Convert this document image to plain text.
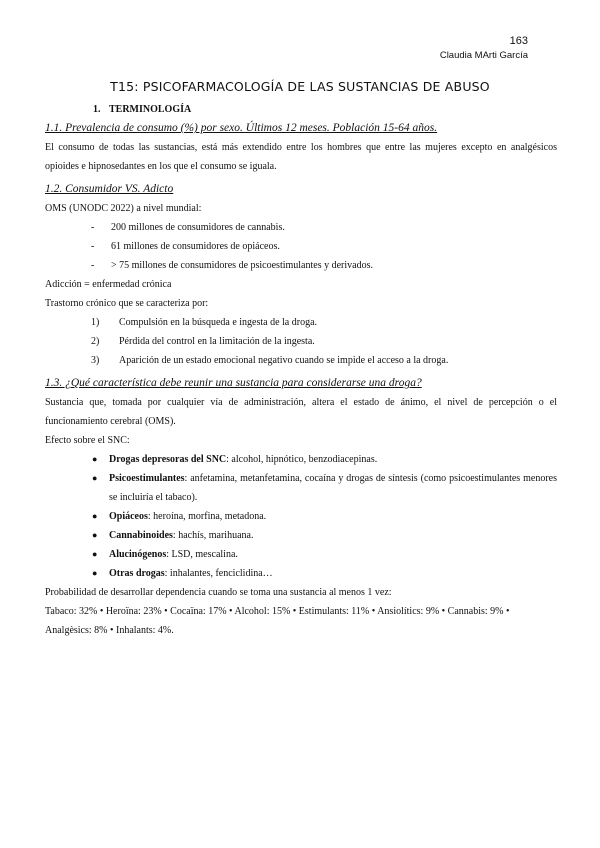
163
Claudia MArti García
T15: PSICOFARMACOLOGÍA DE LAS SUSTANCIAS DE ABUSO
1. TERMINOLOGÍA
1.1. Prevalencia de consumo (%) por sexo. Últimos 12 meses. Población 15-64 años.

El consumo de todas las sustancias, está más extendido entre los hombres que entre las mujeres excepto en analgésicos opioides e hipnosedantes en los que el consumo se iguala.

1.2. Consumidor VS. Adicto

OMS (UNODC 2022) a nivel mundial:

- 200 millones de consumidores de cannabis.
- 61 millones de consumidores de opiáceos.
- > 75 millones de consumidores de psicoestimulantes y derivados.

Adicción = enfermedad crónica

Trastorno crónico que se caracteriza por:

1) Compulsión en la búsqueda e ingesta de la droga.
2) Pérdida del control en la limitación de la ingesta.
3) Aparición de un estado emocional negativo cuando se impide el acceso a la droga.
1.3. ¿Qué característica debe reunir una sustancia para considerarse una droga?

Sustancia que, tomada por cualquier vía de administración, altera el estado de ánimo, el nivel de percepción o el funcionamiento cerebral (OMS).

Efecto sobre el SNC:

● Drogas depresoras del SNC: alcohol, hipnótico, benzodiacepinas.
● Psicoestimulantes: anfetamina, metanfetamina, cocaína y drogas de síntesis (como psicoestimulantes menores se incluiría el tabaco).
● Opiáceos: heroína, morfina, metadona.
● Cannabinoides: hachís, marihuana.
● Alucinógenos: LSD, mescalina.
● Otras drogas: inhalantes, fenciclidina…

Probabilidad de desarrollar dependencia cuando se toma una sustancia al menos 1 vez:

Tabaco: 32% • Heroïna: 23% • Cocaïna: 17% • Alcohol: 15% • Estimulants: 11% • Ansiolítics: 9% • Cannabis: 9% • Analgèsics: 8% • Inhalants: 4%.
